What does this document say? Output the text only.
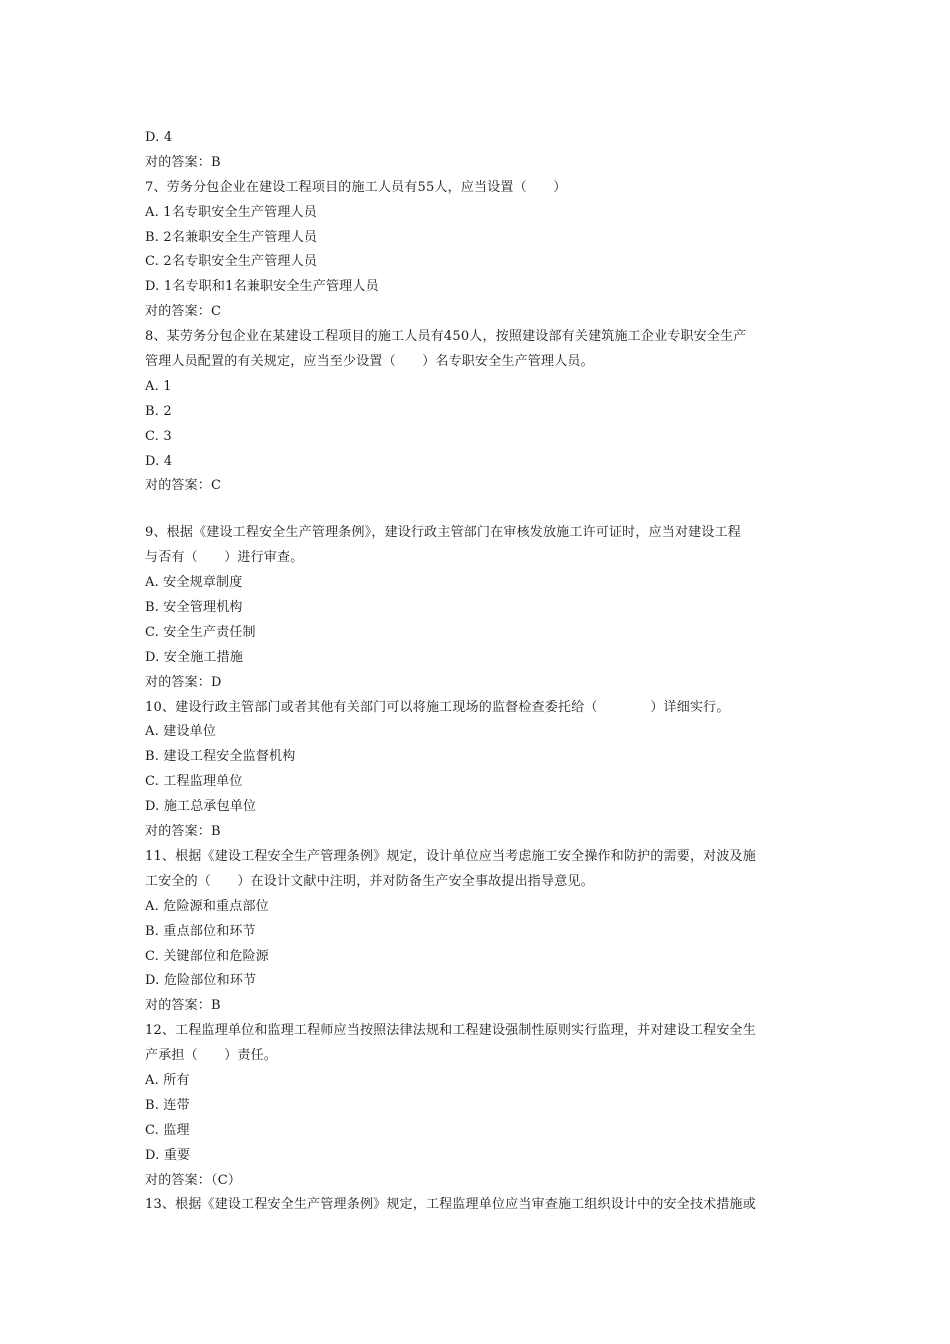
D. 4
对的答案：B
7、劳务分包企业在建设工程项目的施工人员有55人，应当设置（　　）
A. 1名专职安全生产管理人员
B. 2名兼职安全生产管理人员
C. 2名专职安全生产管理人员
D. 1名专职和1名兼职安全生产管理人员
对的答案：C
8、某劳务分包企业在某建设工程项目的施工人员有450人，按照建设部有关建筑施工企业专职安全生产
管理人员配置的有关规定，应当至少设置（　　）名专职安全生产管理人员。
A. 1
B. 2
C. 3
D. 4
对的答案：C
9、根据《建设工程安全生产管理条例》，建设行政主管部门在审核发放施工许可证时，应当对建设工程
与否有（　　）进行审查。
A. 安全规章制度
B. 安全管理机构
C. 安全生产责任制
D. 安全施工措施
对的答案：D
10、建设行政主管部门或者其他有关部门可以将施工现场的监督检查委托给（　　　　）详细实行。
A. 建设单位
B. 建设工程安全监督机构
C. 工程监理单位
D. 施工总承包单位
对的答案：B
11、根据《建设工程安全生产管理条例》规定，设计单位应当考虑施工安全操作和防护的需要，对波及施
工安全的（　　）在设计文献中注明，并对防备生产安全事故提出指导意见。
A. 危险源和重点部位
B. 重点部位和环节
C. 关键部位和危险源
D. 危险部位和环节
对的答案：B
12、工程监理单位和监理工程师应当按照法律法规和工程建设强制性原则实行监理，并对建设工程安全生
产承担（　　）责任。
A. 所有
B. 连带
C. 监理
D. 重要
对的答案：（C）
13、根据《建设工程安全生产管理条例》规定，工程监理单位应当审查施工组织设计中的安全技术措施或
